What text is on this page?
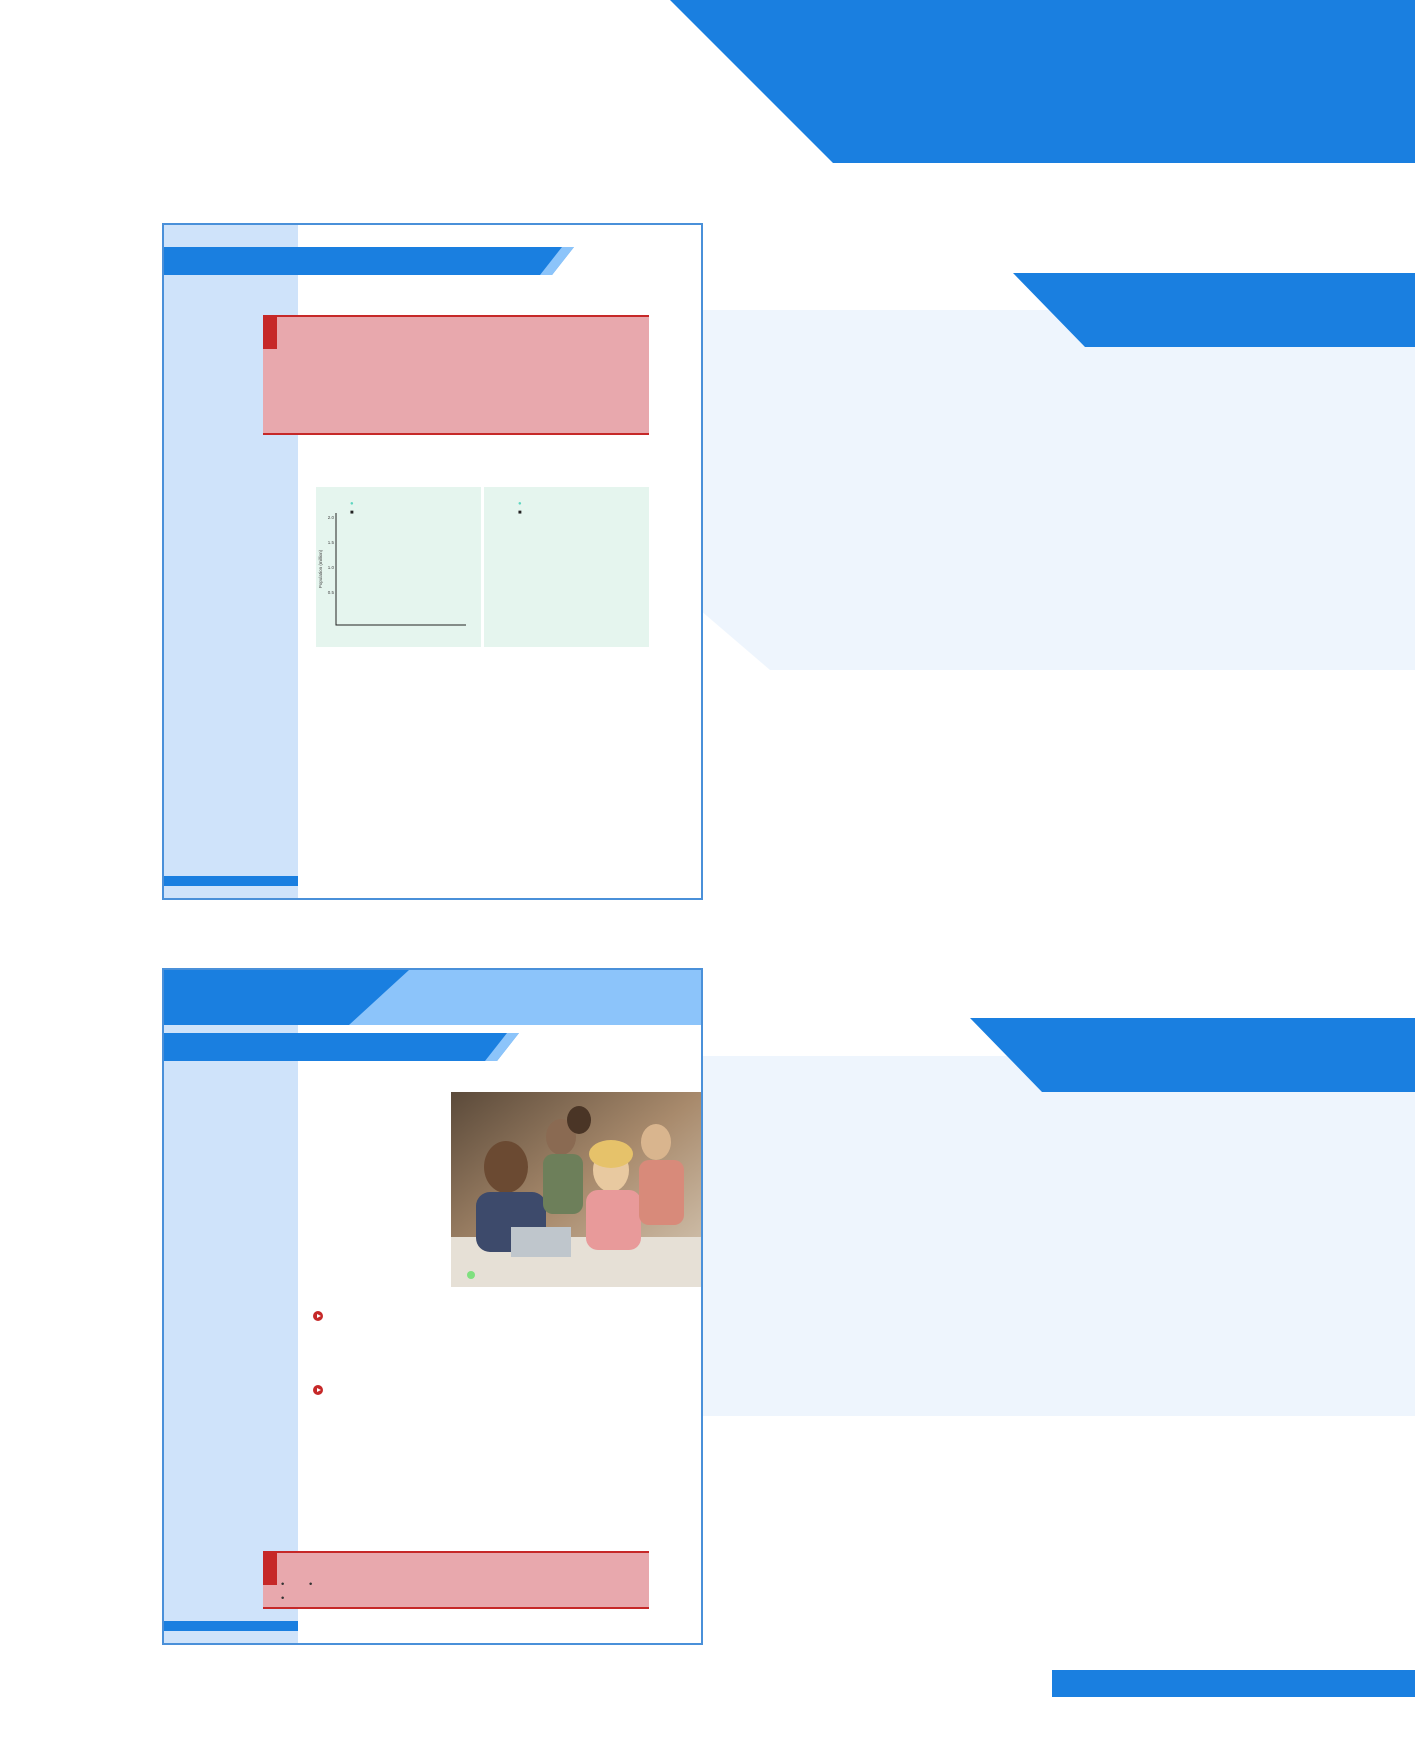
●
■
2.0
1.5
1.0
0.5
Population (million)
●
■
• •
•
